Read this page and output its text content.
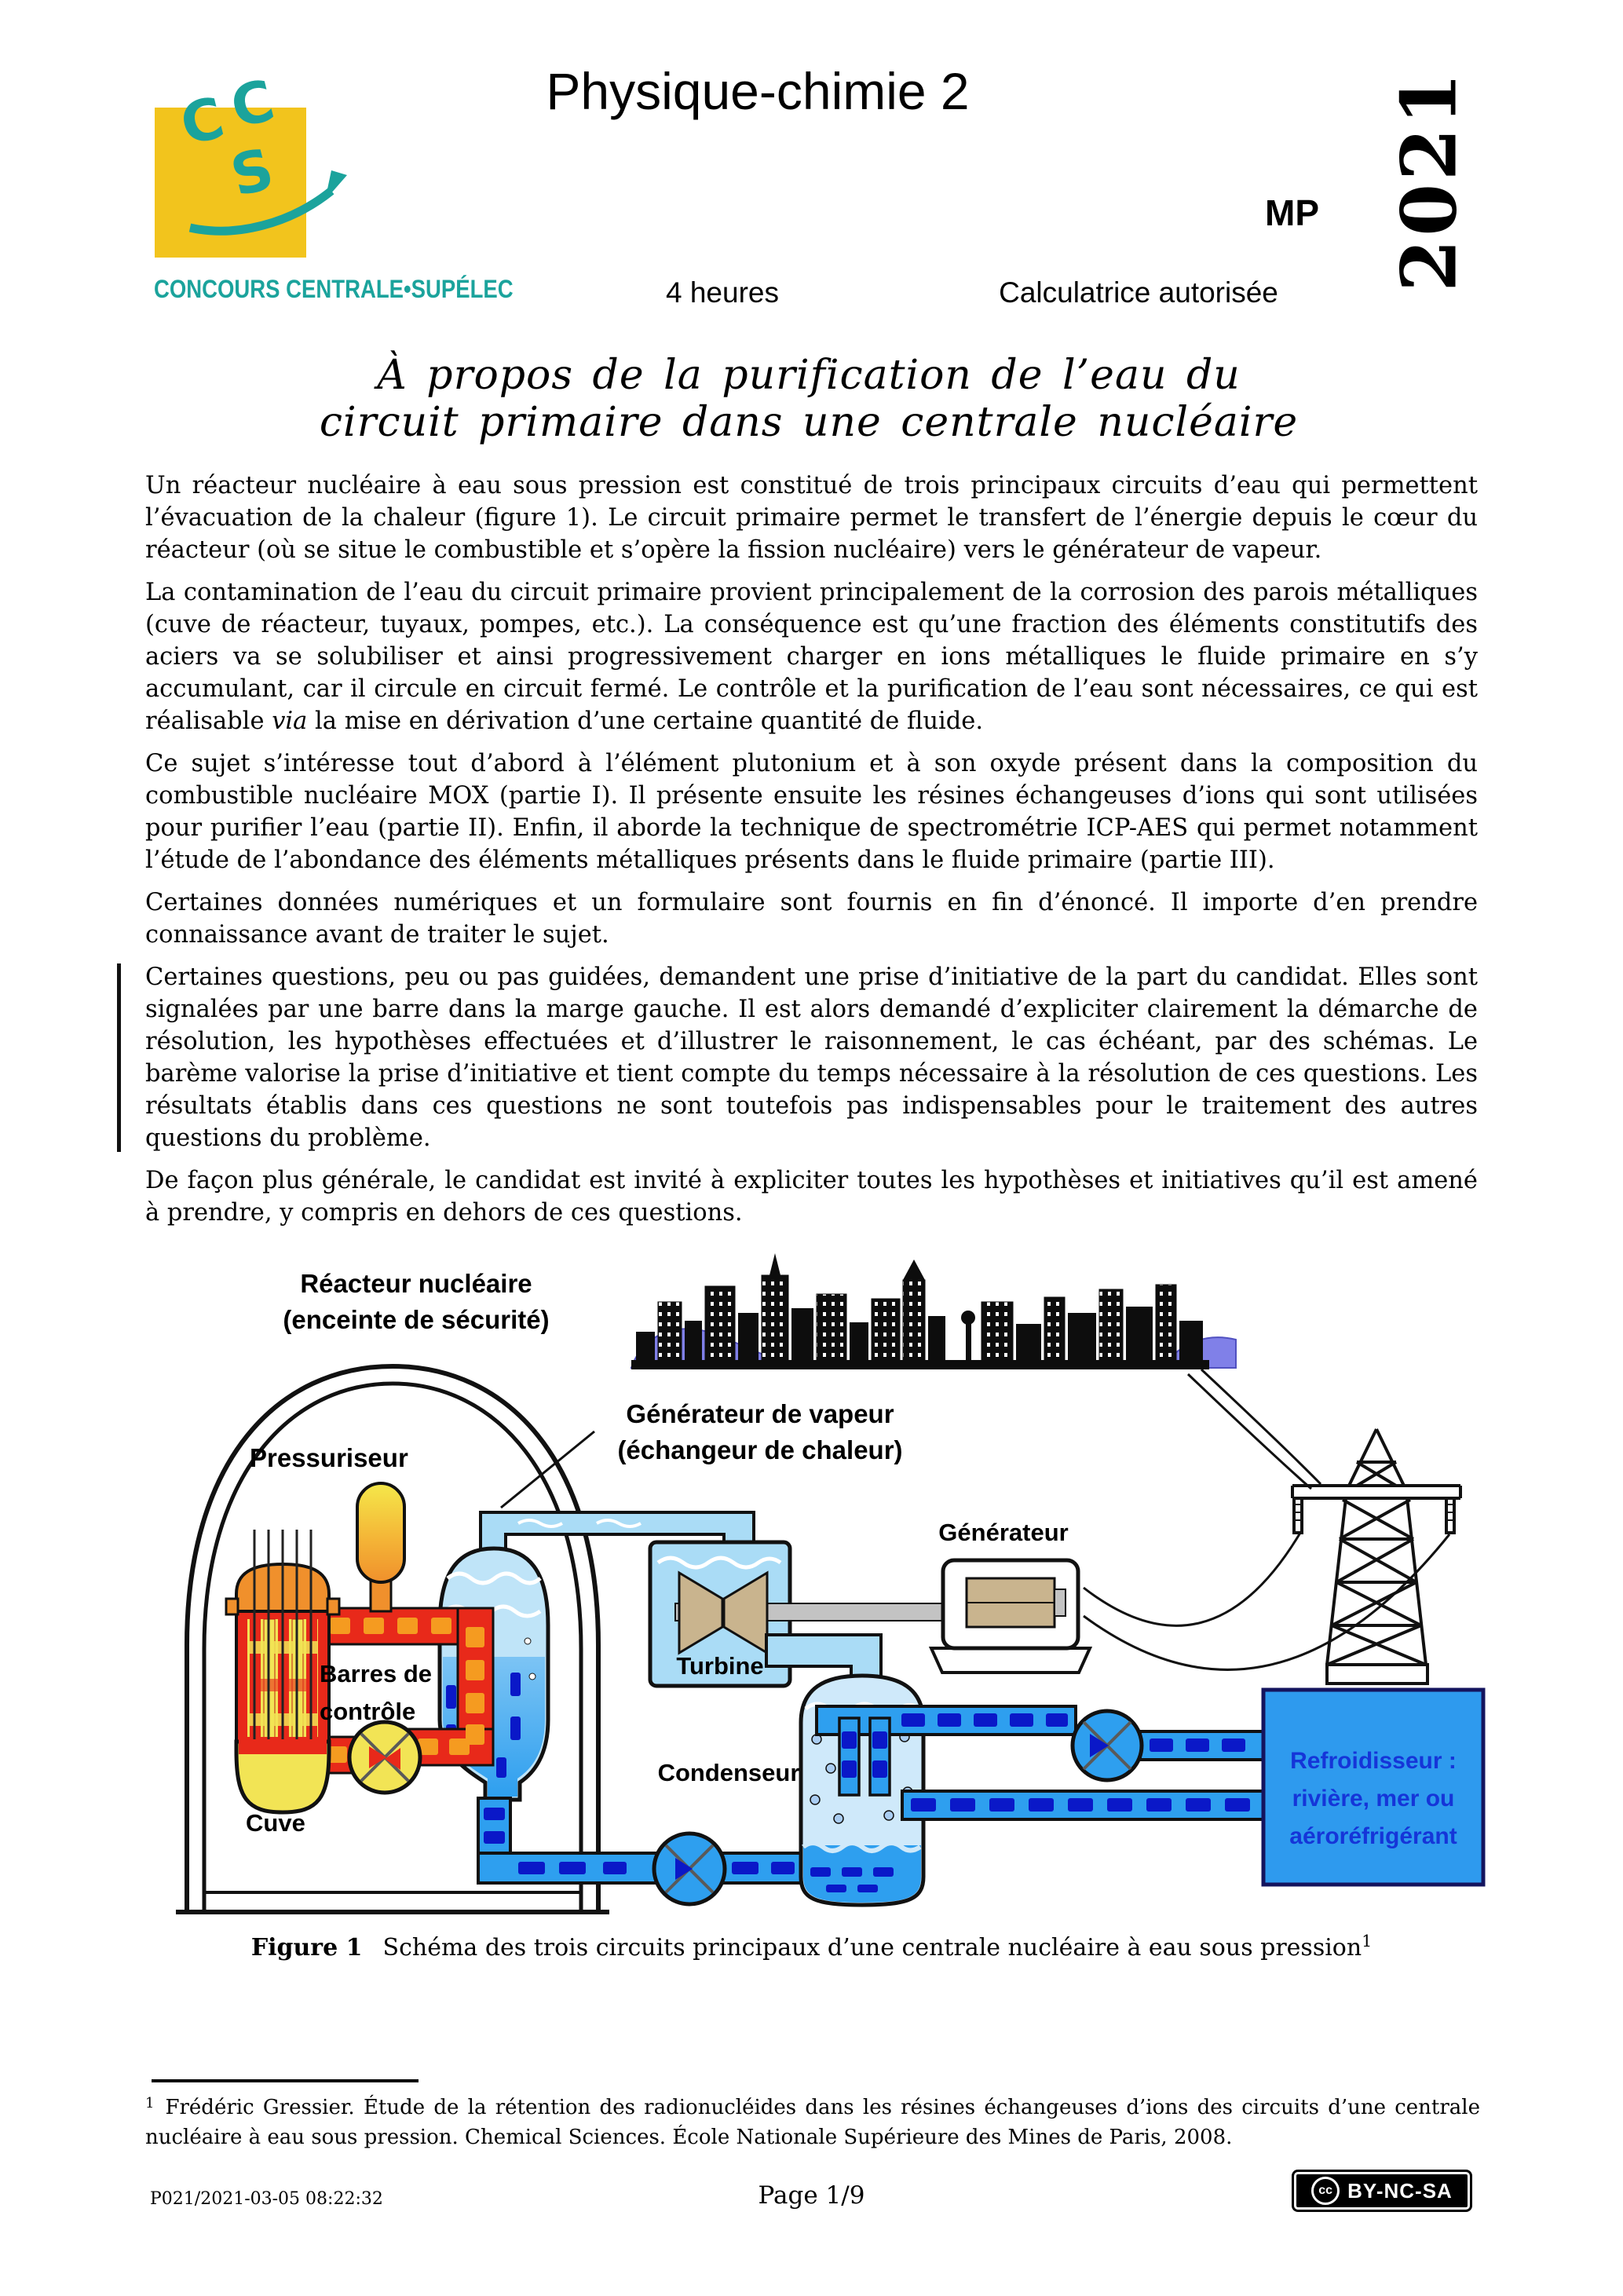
C
C
S
CONCOURS CENTRALE•SUPÉLEC
Physique-chimie 2
MP
4 heures	Calculatrice autorisée
2021
À propos de la purification de l’eau du
circuit primaire dans une centrale nucléaire

Un réacteur nucléaire à eau sous pression est constitué de trois principaux circuits d’eau qui permettent l’évacuation de la chaleur (figure 1). Le circuit primaire permet le transfert de l’énergie depuis le cœur du réacteur (où se situe le combustible et s’opère la fission nucléaire) vers le générateur de vapeur.

La contamination de l’eau du circuit primaire provient principalement de la corrosion des parois métalliques (cuve de réacteur, tuyaux, pompes, etc.). La conséquence est qu’une fraction des éléments constitutifs des aciers va se solubiliser et ainsi progressivement charger en ions métalliques le fluide primaire en s’y accumulant, car il circule en circuit fermé. Le contrôle et la purification de l’eau sont nécessaires, ce qui est réalisable via la mise en dérivation d’une certaine quantité de fluide.

Ce sujet s’intéresse tout d’abord à l’élément plutonium et à son oxyde présent dans la composition du combustible nucléaire MOX (partie I). Il présente ensuite les résines échangeuses d’ions qui sont utilisées pour purifier l’eau (partie II). Enfin, il aborde la technique de spectrométrie ICP-AES qui permet notamment l’étude de l’abondance des éléments métalliques présents dans le fluide primaire (partie III).

Certaines données numériques et un formulaire sont fournis en fin d’énoncé. Il importe d’en prendre connaissance avant de traiter le sujet.

Certaines questions, peu ou pas guidées, demandent une prise d’initiative de la part du candidat. Elles sont signalées par une barre dans la marge gauche. Il est alors demandé d’expliciter clairement la démarche de résolution, les hypothèses effectuées et d’illustrer le raisonnement, le cas échéant, par des schémas. Le barème valorise la prise d’initiative et tient compte du temps nécessaire à la résolution de ces questions. Les résultats établis dans ces questions ne sont toutefois pas indispensables pour le traitement des autres questions du problème.

De façon plus générale, le candidat est invité à expliciter toutes les hypothèses et initiatives qu’il est amené à prendre, y compris en dehors de ces questions.

Refroidisseur :
rivière, mer ou
aéroréfrigérant
Réacteur nucléaire
(enceinte de sécurité)
Générateur de vapeur
(échangeur de chaleur)
Pressuriseur
Générateur
Turbine
Barres de
contrôle
Cuve
Condenseur
Figure 1 Schéma des trois circuits principaux d’une centrale nucléaire à eau sous pression$^1$
$^1$ Frédéric Gressier. Étude de la rétention des radionucléides dans les résines échangeuses d’ions des circuits d’une centrale nucléaire à eau sous pression. Chemical Sciences. École Nationale Supérieure des Mines de Paris, 2008.
P021/2021-03-05 08:22:32	Page 1/9	cc BY-NC-SA
